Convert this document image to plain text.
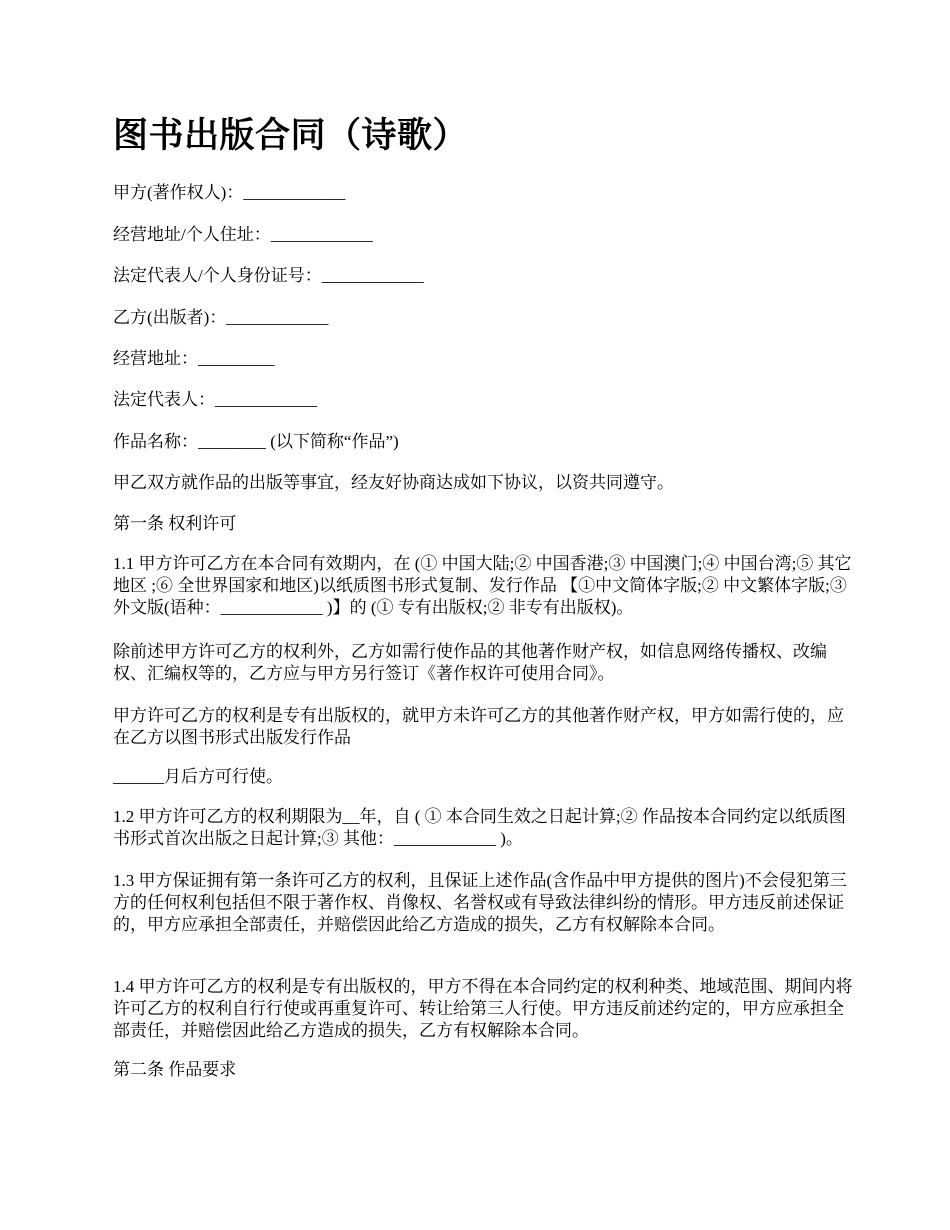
图书出版合同（诗歌）

甲方(著作权人)：____________

经营地址/个人住址：____________

法定代表人/个人身份证号：____________

乙方(出版者)：____________

经营地址：_________

法定代表人：____________

作品名称：________ (以下简称“作品”)

甲乙双方就作品的出版等事宜，经友好协商达成如下协议，以资共同遵守。

第一条 权利许可

1.1 甲方许可乙方在本合同有效期内，在 (① 中国大陆;② 中国香港;③ 中国澳门;④ 中国台湾;⑤ 其它地区 ;⑥ 全世界国家和地区)以纸质图书形式复制、发行作品 【①中文简体字版;② 中文繁体字版;③ 外文版(语种：____________ )】的 (① 专有出版权;② 非专有出版权)。

除前述甲方许可乙方的权利外，乙方如需行使作品的其他著作财产权，如信息网络传播权、改编权、汇编权等的，乙方应与甲方另行签订《著作权许可使用合同》。

甲方许可乙方的权利是专有出版权的，就甲方未许可乙方的其他著作财产权，甲方如需行使的，应在乙方以图书形式出版发行作品

______月后方可行使。

1.2 甲方许可乙方的权利期限为__年，自 ( ① 本合同生效之日起计算;② 作品按本合同约定以纸质图书形式首次出版之日起计算;③ 其他：____________ )。

1.3 甲方保证拥有第一条许可乙方的权利，且保证上述作品(含作品中甲方提供的图片)不会侵犯第三方的任何权利包括但不限于著作权、肖像权、名誉权或有导致法律纠纷的情形。甲方违反前述保证的，甲方应承担全部责任，并赔偿因此给乙方造成的损失，乙方有权解除本合同。

1.4 甲方许可乙方的权利是专有出版权的，甲方不得在本合同约定的权利种类、地域范围、期间内将许可乙方的权利自行行使或再重复许可、转让给第三人行使。甲方违反前述约定的，甲方应承担全部责任，并赔偿因此给乙方造成的损失，乙方有权解除本合同。

第二条 作品要求
